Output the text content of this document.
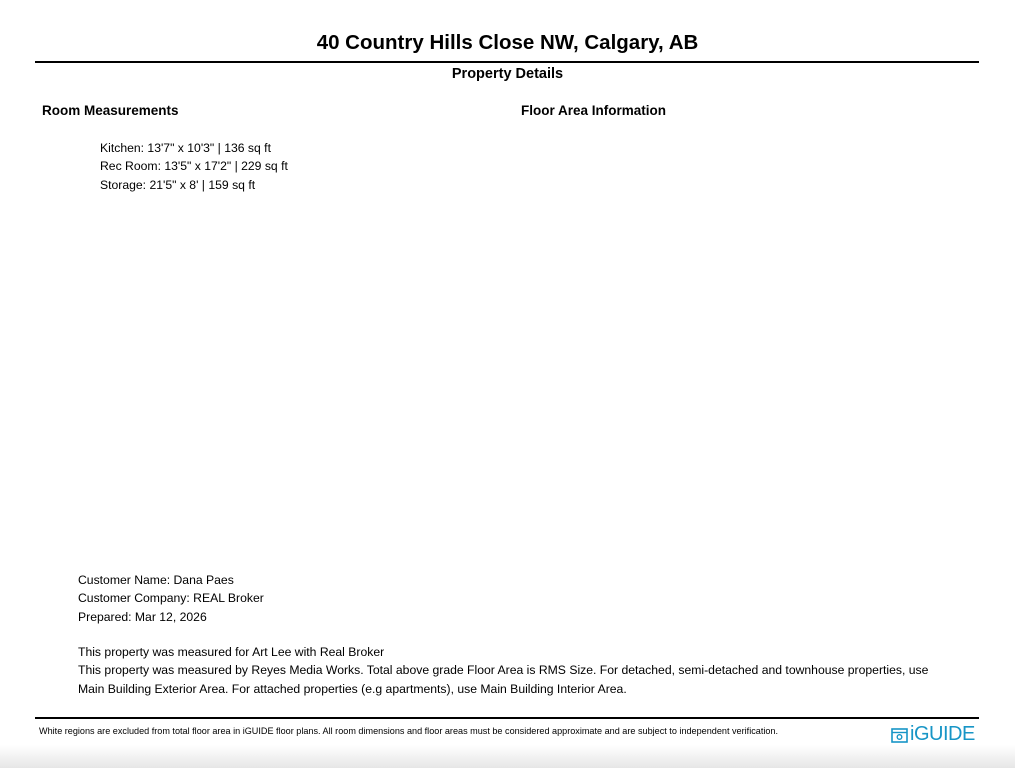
40 Country Hills Close NW, Calgary, AB
Property Details
Room Measurements	Floor Area Information
Kitchen: 13'7" x 10'3" | 136 sq ft
Rec Room: 13'5" x 17'2" | 229 sq ft
Storage: 21'5" x 8' | 159 sq ft
Customer Name: Dana Paes
Customer Company: REAL Broker
Prepared: Mar 12, 2026
This property was measured for Art Lee with Real Broker
This property was measured by Reyes Media Works. Total above grade Floor Area is RMS Size. For detached, semi-detached and townhouse properties, use Main Building Exterior Area. For attached properties (e.g apartments), use Main Building Interior Area.
White regions are excluded from total floor area in iGUIDE floor plans. All room dimensions and floor areas must be considered approximate and are subject to independent verification.	iGUIDE
